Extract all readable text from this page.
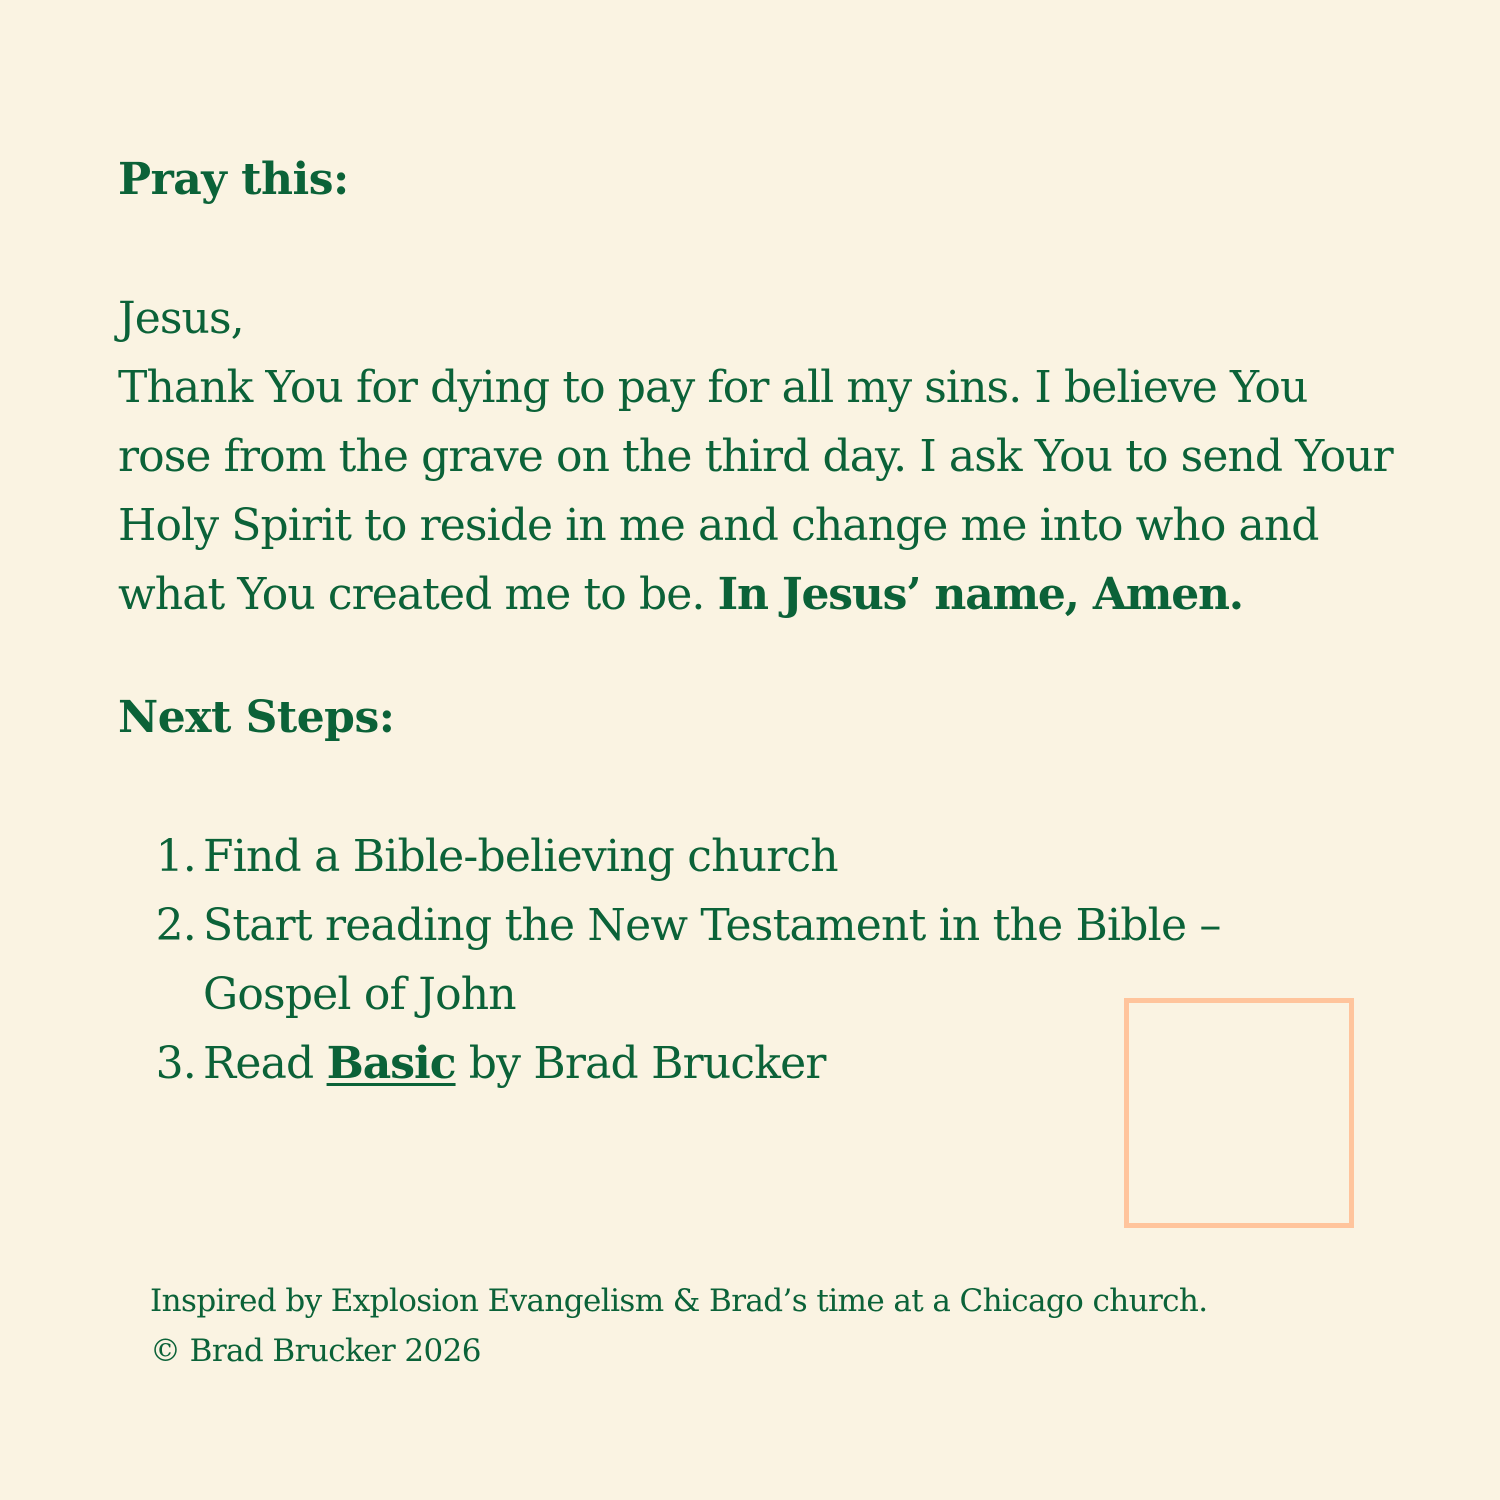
Pray this:
Jesus,
Thank You for dying to pay for all my sins. I believe You rose from the grave on the third day. I ask You to send Your Holy Spirit to reside in me and change me into who and what You created me to be. In Jesus’ name, Amen.
Next Steps:
1. Find a Bible-believing church
2. Start reading the New Testament in the Bible – Gospel of John
3. Read Basic by Brad Brucker
Inspired by Explosion Evangelism & Brad’s time at a Chicago church.
© Brad Brucker 2026
